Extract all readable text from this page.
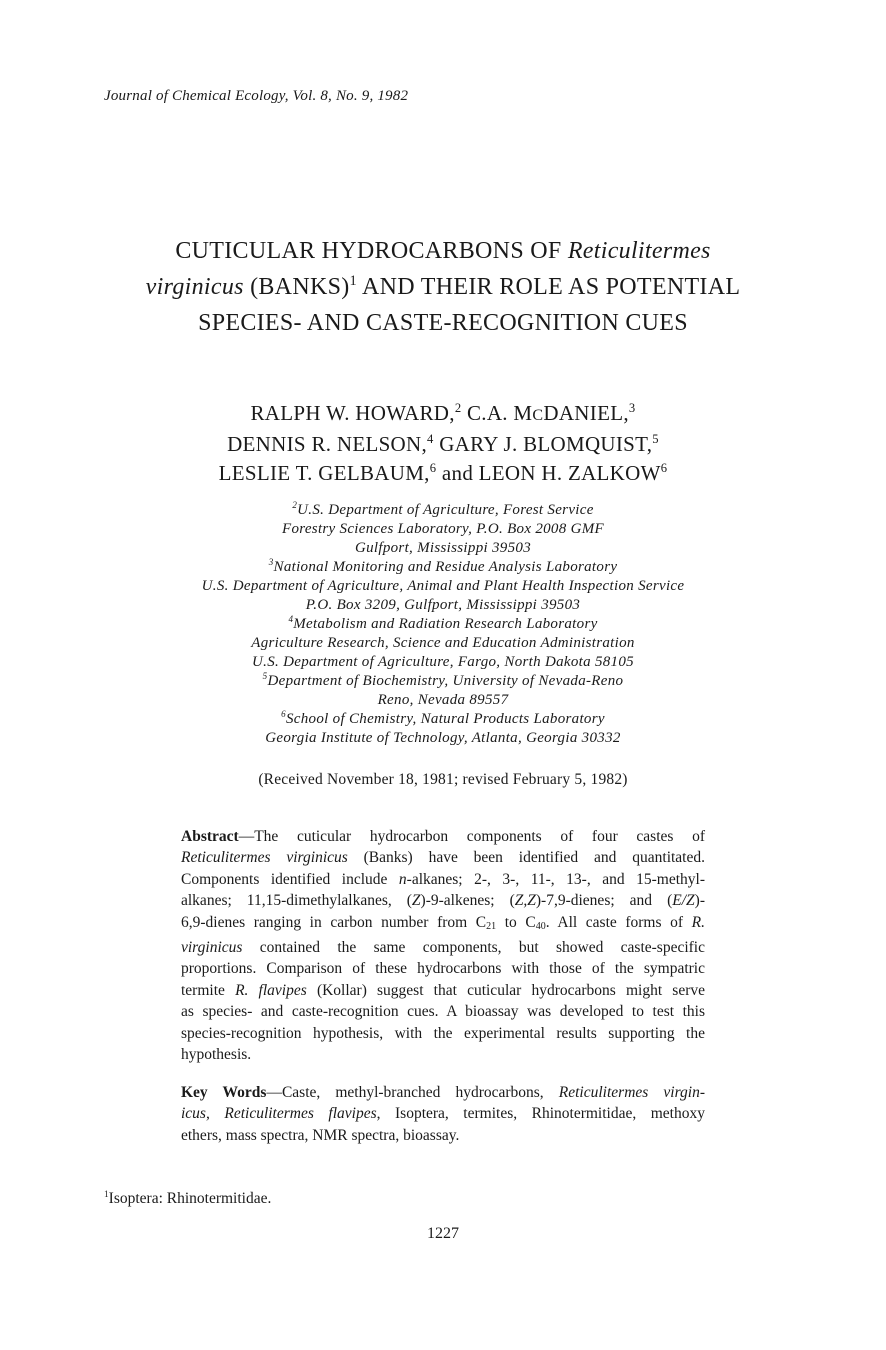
Journal of Chemical Ecology, Vol. 8, No. 9, 1982
CUTICULAR HYDROCARBONS OF Reticulitermes
virginicus (BANKS)$^1$ AND THEIR ROLE AS POTENTIAL
SPECIES- AND CASTE-RECOGNITION CUES
RALPH W. HOWARD,$^2$ C.A. MCDANIEL,$^3$
DENNIS R. NELSON,$^4$ GARY J. BLOMQUIST,$^5$
LESLIE T. GELBAUM,$^6$ and LEON H. ZALKOW$^6$
$^2$U.S. Department of Agriculture, Forest Service
Forestry Sciences Laboratory, P.O. Box 2008 GMF
Gulfport, Mississippi 39503
$^3$National Monitoring and Residue Analysis Laboratory
U.S. Department of Agriculture, Animal and Plant Health Inspection Service
P.O. Box 3209, Gulfport, Mississippi 39503
$^4$Metabolism and Radiation Research Laboratory
Agriculture Research, Science and Education Administration
U.S. Department of Agriculture, Fargo, North Dakota 58105
$^5$Department of Biochemistry, University of Nevada-Reno
Reno, Nevada 89557
$^6$School of Chemistry, Natural Products Laboratory
Georgia Institute of Technology, Atlanta, Georgia 30332
(Received November 18, 1981; revised February 5, 1982)
Abstract—The cuticular hydrocarbon components of four castes of
Reticulitermes virginicus (Banks) have been identified and quantitated.
Components identified include n-alkanes; 2-, 3-, 11-, 13-, and 15-methyl-
alkanes; 11,15-dimethylalkanes, (Z)-9-alkenes; (Z,Z)-7,9-dienes; and (E/Z)-
6,9-dienes ranging in carbon number from $C_{21}$ to $C_{40}$. All caste forms of R.
virginicus contained the same components, but showed caste-specific
proportions. Comparison of these hydrocarbons with those of the sympatric
termite R. flavipes (Kollar) suggest that cuticular hydrocarbons might serve
as species- and caste-recognition cues. A bioassay was developed to test this
species-recognition hypothesis, with the experimental results supporting the
hypothesis.
Key Words—Caste, methyl-branched hydrocarbons, Reticulitermes virgin-
icus, Reticulitermes flavipes, Isoptera, termites, Rhinotermitidae, methoxy
ethers, mass spectra, NMR spectra, bioassay.
$^1$Isoptera: Rhinotermitidae.
1227
